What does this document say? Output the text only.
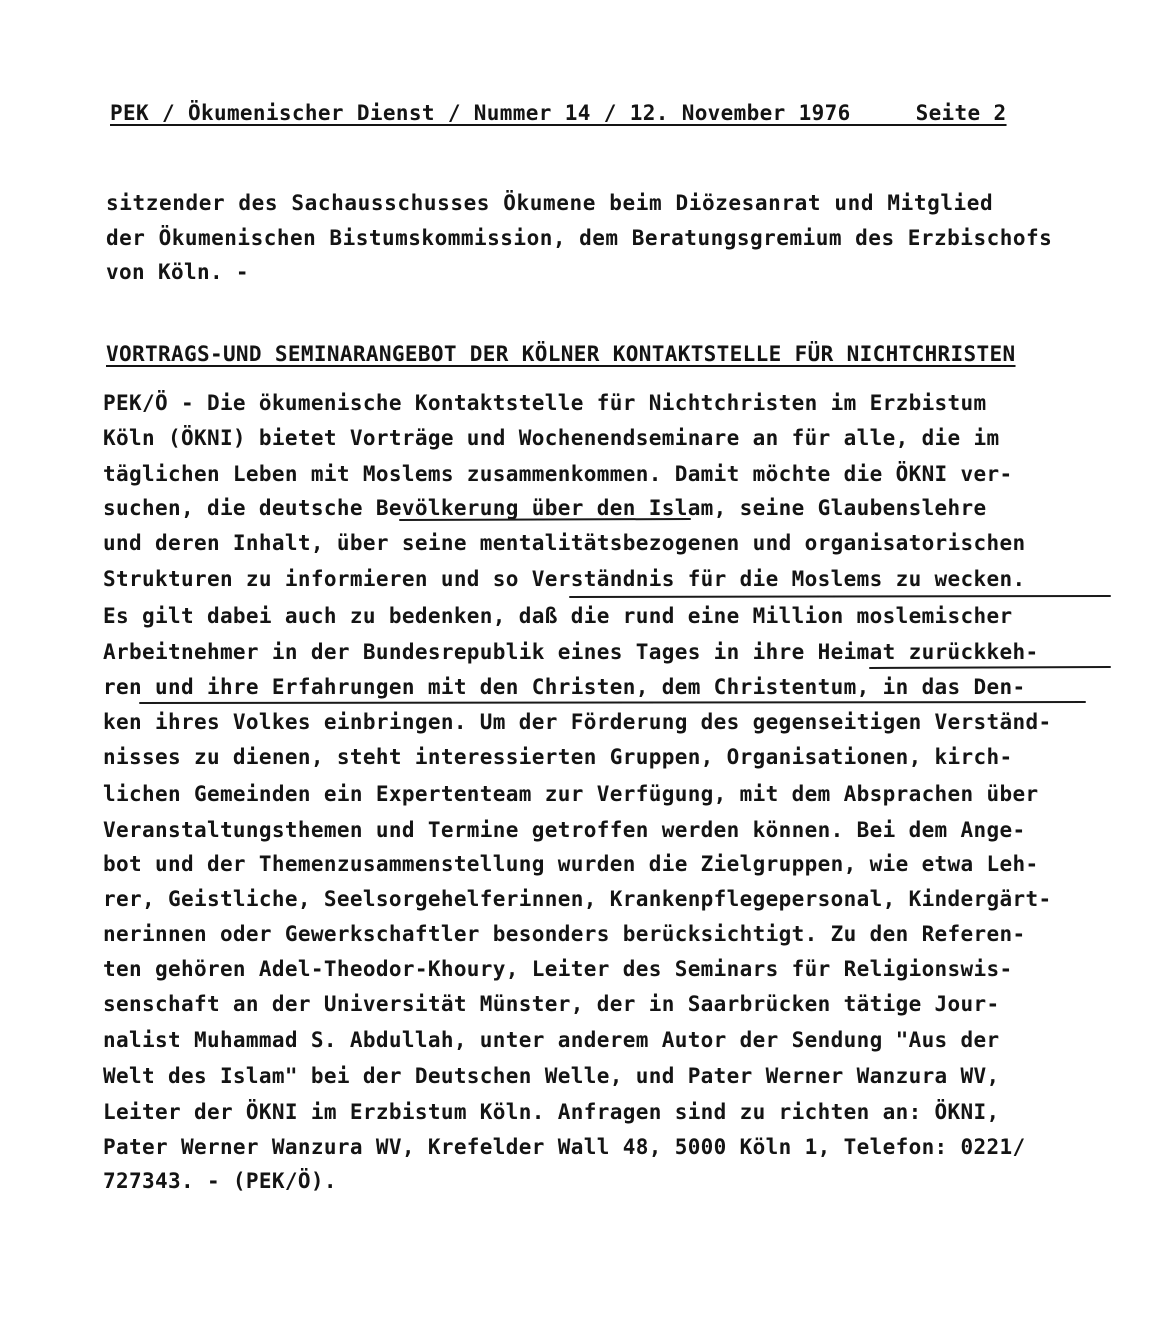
PEK / Ökumenischer Dienst / Nummer 14 / 12. November 1976     Seite 2
sitzender des Sachausschusses Ökumene beim Diözesanrat und Mitglied
der Ökumenischen Bistumskommission, dem Beratungsgremium des Erzbischofs
von Köln. -
VORTRAGS-UND SEMINARANGEBOT DER KÖLNER KONTAKTSTELLE FÜR NICHTCHRISTEN
PEK/Ö - Die ökumenische Kontaktstelle für Nichtchristen im Erzbistum
Köln (ÖKNI) bietet Vorträge und Wochenendseminare an für alle, die im
täglichen Leben mit Moslems zusammenkommen. Damit möchte die ÖKNI ver-
suchen, die deutsche Bevölkerung über den Islam, seine Glaubenslehre
und deren Inhalt, über seine mentalitätsbezogenen und organisatorischen
Strukturen zu informieren und so Verständnis für die Moslems zu wecken.
Es gilt dabei auch zu bedenken, daß die rund eine Million moslemischer
Arbeitnehmer in der Bundesrepublik eines Tages in ihre Heimat zurückkeh-
ren und ihre Erfahrungen mit den Christen, dem Christentum, in das Den-
ken ihres Volkes einbringen. Um der Förderung des gegenseitigen Verständ-
nisses zu dienen, steht interessierten Gruppen, Organisationen, kirch-
lichen Gemeinden ein Expertenteam zur Verfügung, mit dem Absprachen über
Veranstaltungsthemen und Termine getroffen werden können. Bei dem Ange-
bot und der Themenzusammenstellung wurden die Zielgruppen, wie etwa Leh-
rer, Geistliche, Seelsorgehelferinnen, Krankenpflegepersonal, Kindergärt-
nerinnen oder Gewerkschaftler besonders berücksichtigt. Zu den Referen-
ten gehören Adel-Theodor-Khoury, Leiter des Seminars für Religionswis-
senschaft an der Universität Münster, der in Saarbrücken tätige Jour-
nalist Muhammad S. Abdullah, unter anderem Autor der Sendung "Aus der
Welt des Islam" bei der Deutschen Welle, und Pater Werner Wanzura WV,
Leiter der ÖKNI im Erzbistum Köln. Anfragen sind zu richten an: ÖKNI,
Pater Werner Wanzura WV, Krefelder Wall 48, 5000 Köln 1, Telefon: 0221/
727343. - (PEK/Ö).
